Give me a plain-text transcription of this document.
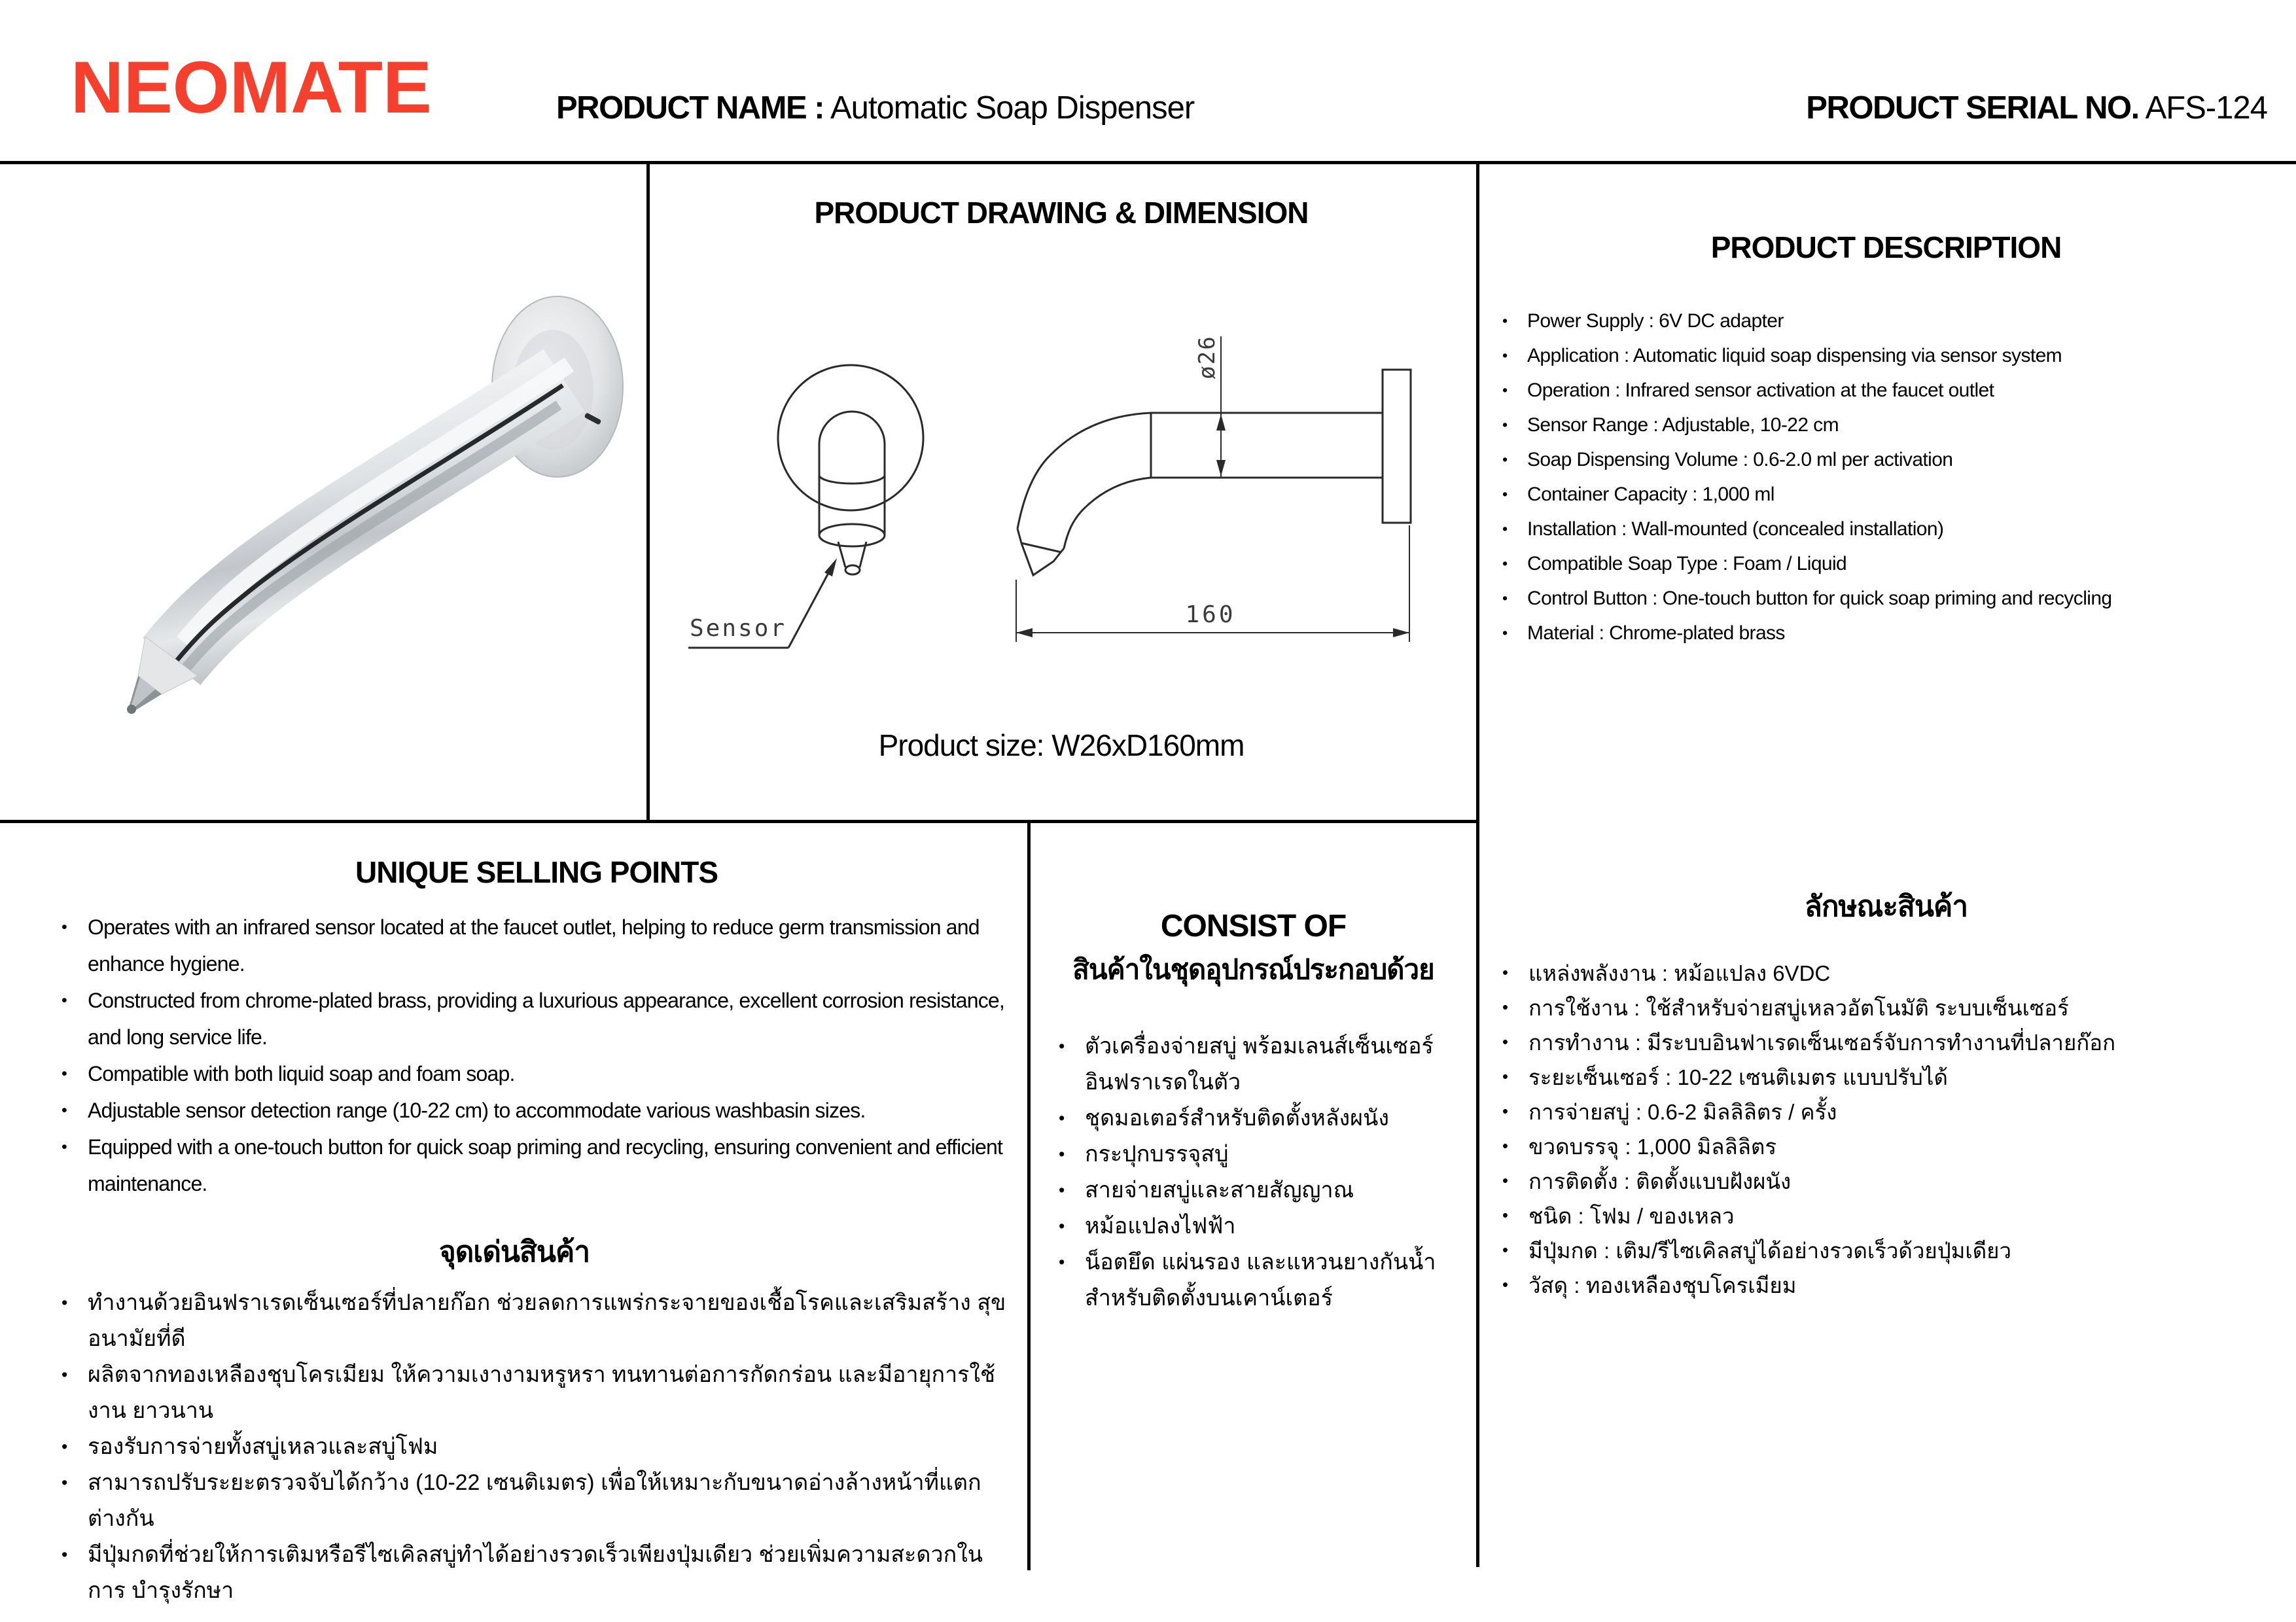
NEOMATE	PRODUCT NAME : Automatic Soap Dispenser	PRODUCT SERIAL NO. AFS-124
PRODUCT DRAWING & DIMENSION
Sensor
ø26
160
Product size: W26xD160mm
PRODUCT DESCRIPTION
• Power Supply : 6V DC adapter
• Application : Automatic liquid soap dispensing via sensor system
• Operation : Infrared sensor activation at the faucet outlet
• Sensor Range : Adjustable, 10-22 cm
• Soap Dispensing Volume : 0.6-2.0 ml per activation
• Container Capacity : 1,000 ml
• Installation : Wall-mounted (concealed installation)
• Compatible Soap Type : Foam / Liquid
• Control Button : One-touch button for quick soap priming and recycling
• Material : Chrome-plated brass
ลักษณะสินค้า
• แหล่งพลังงาน : หม้อแปลง 6VDC
• การใช้งาน : ใช้สำหรับจ่ายสบู่เหลวอัตโนมัติ ระบบเซ็นเซอร์
• การทำงาน : มีระบบอินฟาเรดเซ็นเซอร์จับการทำงานที่ปลายก๊อก
• ระยะเซ็นเซอร์ : 10-22 เซนติเมตร แบบปรับได้
• การจ่ายสบู่ : 0.6-2 มิลลิลิตร / ครั้ง
• ขวดบรรจุ : 1,000 มิลลิลิตร
• การติดตั้ง : ติดตั้งแบบฝังผนัง
• ชนิด : โฟม / ของเหลว
• มีปุ่มกด : เติม/รีไซเคิลสบู่ได้อย่างรวดเร็วด้วยปุ่มเดียว
• วัสดุ : ทองเหลืองชุบโครเมียม
UNIQUE SELLING POINTS
• Operates with an infrared sensor located at the faucet outlet, helping to reduce germ transmission and enhance hygiene.
• Constructed from chrome-plated brass, providing a luxurious appearance, excellent corrosion resistance, and long service life.
• Compatible with both liquid soap and foam soap.
• Adjustable sensor detection range (10-22 cm) to accommodate various washbasin sizes.
• Equipped with a one-touch button for quick soap priming and recycling, ensuring convenient and efficient maintenance.
จุดเด่นสินค้า
• ทำงานด้วยอินฟราเรดเซ็นเซอร์ที่ปลายก๊อก ช่วยลดการแพร่กระจายของเชื้อโรคและเสริมสร้าง สุขอนามัยที่ดี
• ผลิตจากทองเหลืองชุบโครเมียม ให้ความเงางามหรูหรา ทนทานต่อการกัดกร่อน และมีอายุการใช้งาน ยาวนาน
• รองรับการจ่ายทั้งสบู่เหลวและสบู่โฟม
• สามารถปรับระยะตรวจจับได้กว้าง (10-22 เซนติเมตร) เพื่อให้เหมาะกับขนาดอ่างล้างหน้าที่แตกต่างกัน
• มีปุ่มกดที่ช่วยให้การเติมหรือรีไซเคิลสบู่ทำได้อย่างรวดเร็วเพียงปุ่มเดียว ช่วยเพิ่มความสะดวกในการ บำรุงรักษา
CONSIST OF
สินค้าในชุดอุปกรณ์ประกอบด้วย
• ตัวเครื่องจ่ายสบู่ พร้อมเลนส์เซ็นเซอร์ อินฟราเรดในตัว
• ชุดมอเตอร์สำหรับติดตั้งหลังผนัง
• กระปุกบรรจุสบู่
• สายจ่ายสบู่และสายสัญญาณ
• หม้อแปลงไฟฟ้า
• น็อตยึด แผ่นรอง และแหวนยางกันน้ำ สำหรับติดตั้งบนเคาน์เตอร์
